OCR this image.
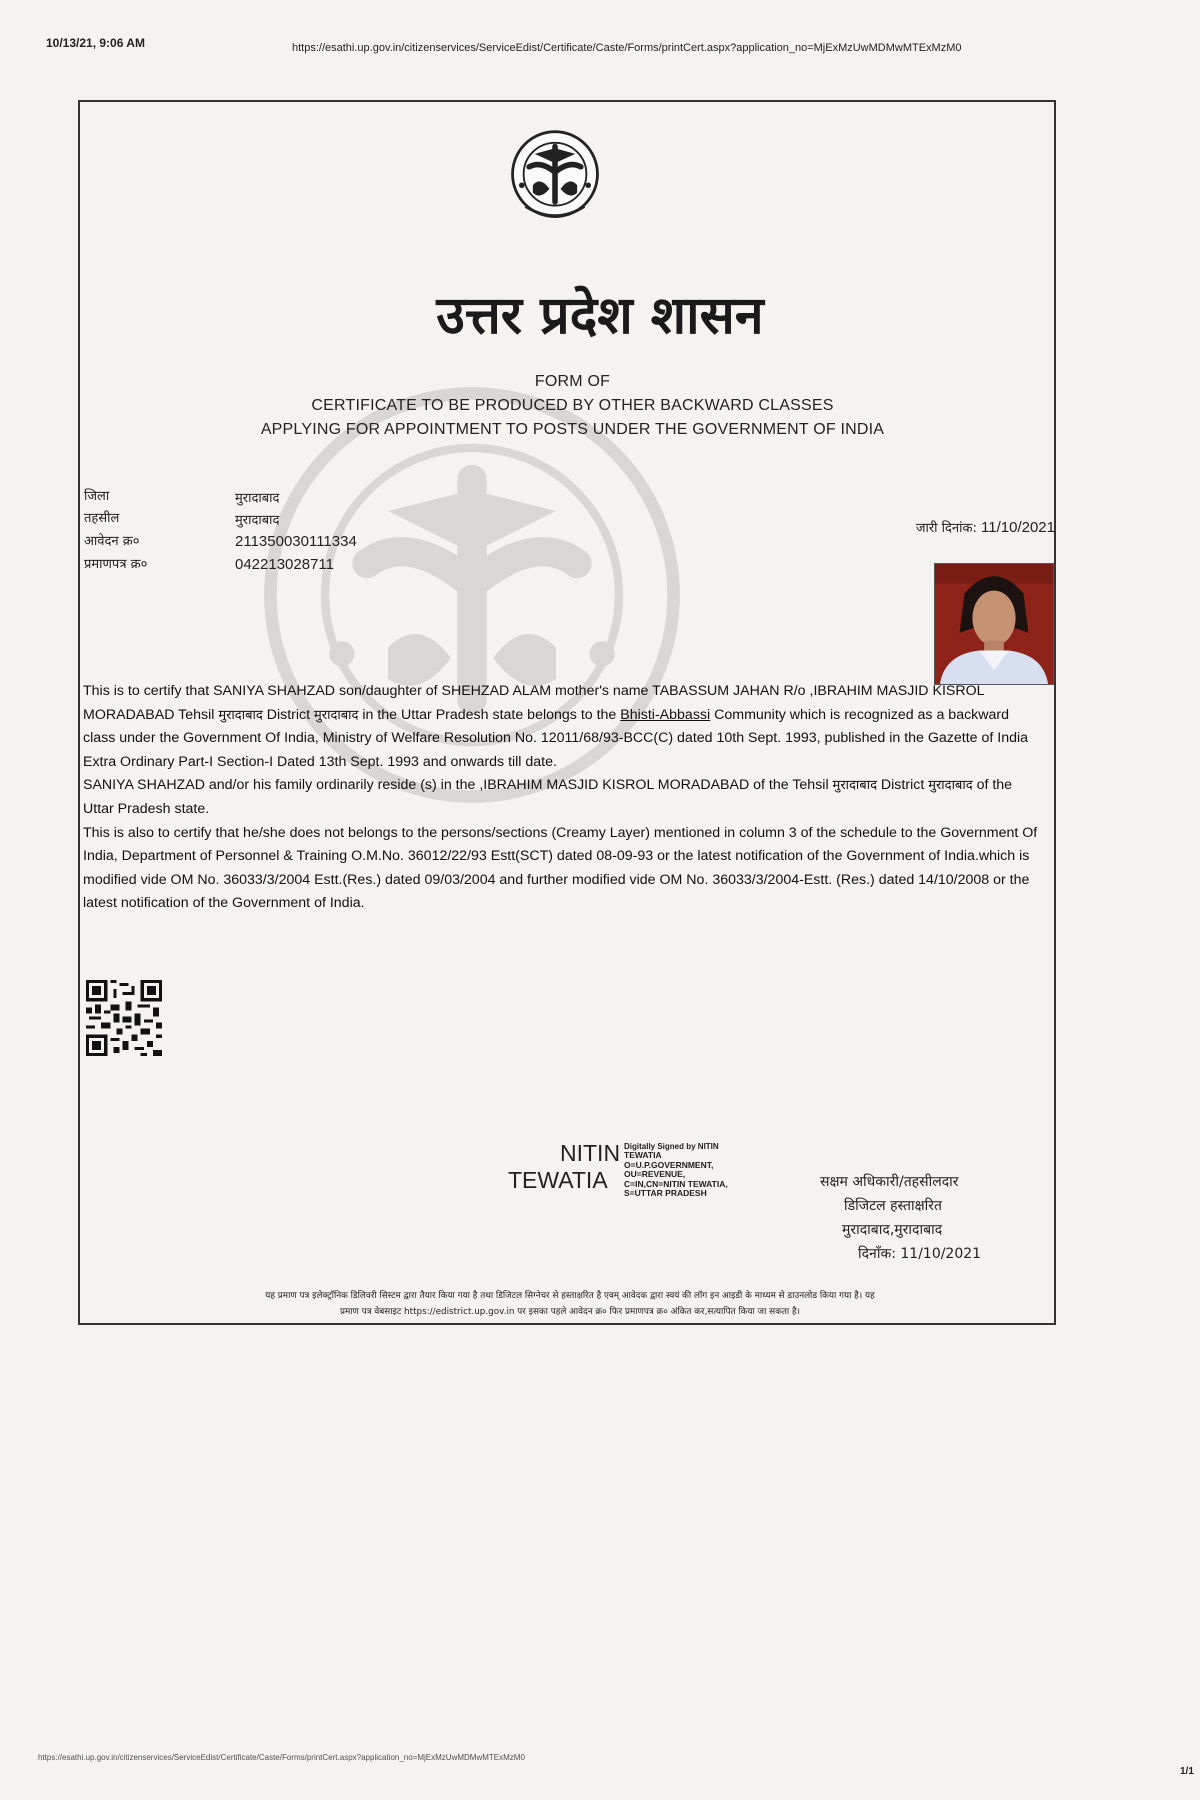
10/13/21, 9:06 AM	https://esathi.up.gov.in/citizenservices/ServiceEdist/Certificate/Caste/Forms/printCert.aspx?application_no=MjExMzUwMDMwMTExMzM0
उत्तर प्रदेश शासन
FORM OF
CERTIFICATE TO BE PRODUCED BY OTHER BACKWARD CLASSES
APPLYING FOR APPOINTMENT TO POSTS UNDER THE GOVERNMENT OF INDIA
जिला	मुरादाबाद
तहसील	मुरादाबाद
आवेदन क्र०	211350030111334
प्रमाणपत्र क्र०	042213028711
जारी दिनांक: 11/10/2021

This is to certify that SANIYA SHAHZAD son/daughter of SHEHZAD ALAM mother's name TABASSUM JAHAN R/o ,IBRAHIM MASJID KISROL MORADABAD Tehsil मुरादाबाद District मुरादाबाद in the Uttar Pradesh state belongs to the Bhisti-Abbassi Community which is recognized as a backward class under the Government Of India, Ministry of Welfare Resolution No. 12011/68/93-BCC(C) dated 10th Sept. 1993, published in the Gazette of India Extra Ordinary Part-I Section-I Dated 13th Sept. 1993 and onwards till date.

SANIYA SHAHZAD and/or his family ordinarily reside (s) in the ,IBRAHIM MASJID KISROL MORADABAD of the Tehsil मुरादाबाद District मुरादाबाद of the Uttar Pradesh state.

This is also to certify that he/she does not belongs to the persons/sections (Creamy Layer) mentioned in column 3 of the schedule to the Government Of India, Department of Personnel & Training O.M.No. 36012/22/93 Estt(SCT) dated 08-09-93 or the latest notification of the Government of India.which is modified vide OM No. 36033/3/2004 Estt.(Res.) dated 09/03/2004 and further modified vide OM No. 36033/3/2004-Estt. (Res.) dated 14/10/2008 or the latest notification of the Government of India.

NITIN
TEWATIA
Digitally Signed by NITIN
TEWATIA
O=U.P.GOVERNMENT,
OU=REVENUE,
C=IN,CN=NITIN TEWATIA,
S=UTTAR PRADESH
सक्षम अधिकारी/तहसीलदार
डिजिटल हस्ताक्षरित
मुरादाबाद,मुरादाबाद
दिनाँक: 11/10/2021
यह प्रमाण पत्र इलेक्ट्रॉनिक डिलिवरी सिस्टम द्वारा तैयार किया गया है तथा डिजिटल सिग्नेचर से हस्ताक्षरित है एवम् आवेदक द्वारा स्वयं की लॉग इन आइडी के माध्यम से डाउनलोड किया गया है। यह
प्रमाण पत्र वेबसाइट https://edistrict.up.gov.in पर इसका पहले आवेदन क्र० फिर प्रमाणपत्र क्र० अंकित कर,सत्यापित किया जा सकता है।
https://esathi.up.gov.in/citizenservices/ServiceEdist/Certificate/Caste/Forms/printCert.aspx?application_no=MjExMzUwMDMwMTExMzM0
1/1
